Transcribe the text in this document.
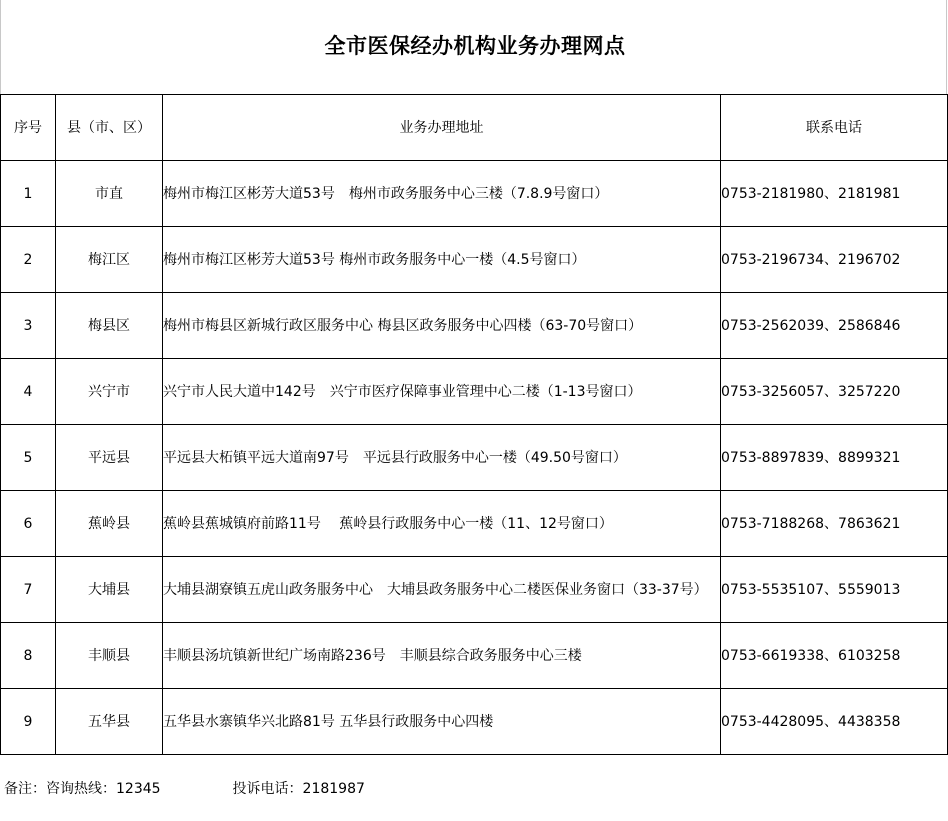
全市医保经办机构业务办理网点
序号	县（市、区）	业务办理地址	联系电话
1	市直	梅州市梅江区彬芳大道53号　梅州市政务服务中心三楼（7.8.9号窗口）	0753-2181980、2181981
2	梅江区	梅州市梅江区彬芳大道53号 梅州市政务服务中心一楼（4.5号窗口）	0753-2196734、2196702
3	梅县区	梅州市梅县区新城行政区服务中心 梅县区政务服务中心四楼（63-70号窗口）	0753-2562039、2586846
4	兴宁市	兴宁市人民大道中142号　兴宁市医疗保障事业管理中心二楼（1-13号窗口）	0753-3256057、3257220
5	平远县	平远县大柘镇平远大道南97号　平远县行政服务中心一楼（49.50号窗口）	0753-8897839、8899321
6	蕉岭县	蕉岭县蕉城镇府前路11号　 蕉岭县行政服务中心一楼（11、12号窗口）	0753-7188268、7863621
7	大埔县	大埔县湖寮镇五虎山政务服务中心　大埔县政务服务中心二楼医保业务窗口（33-37号）	0753-5535107、5559013
8	丰顺县	丰顺县汤坑镇新世纪广场南路236号　丰顺县综合政务服务中心三楼	0753-6619338、6103258
9	五华县	五华县水寨镇华兴北路81号 五华县行政服务中心四楼	0753-4428095、4438358
备注：咨询热线：12345	投诉电话：2181987
